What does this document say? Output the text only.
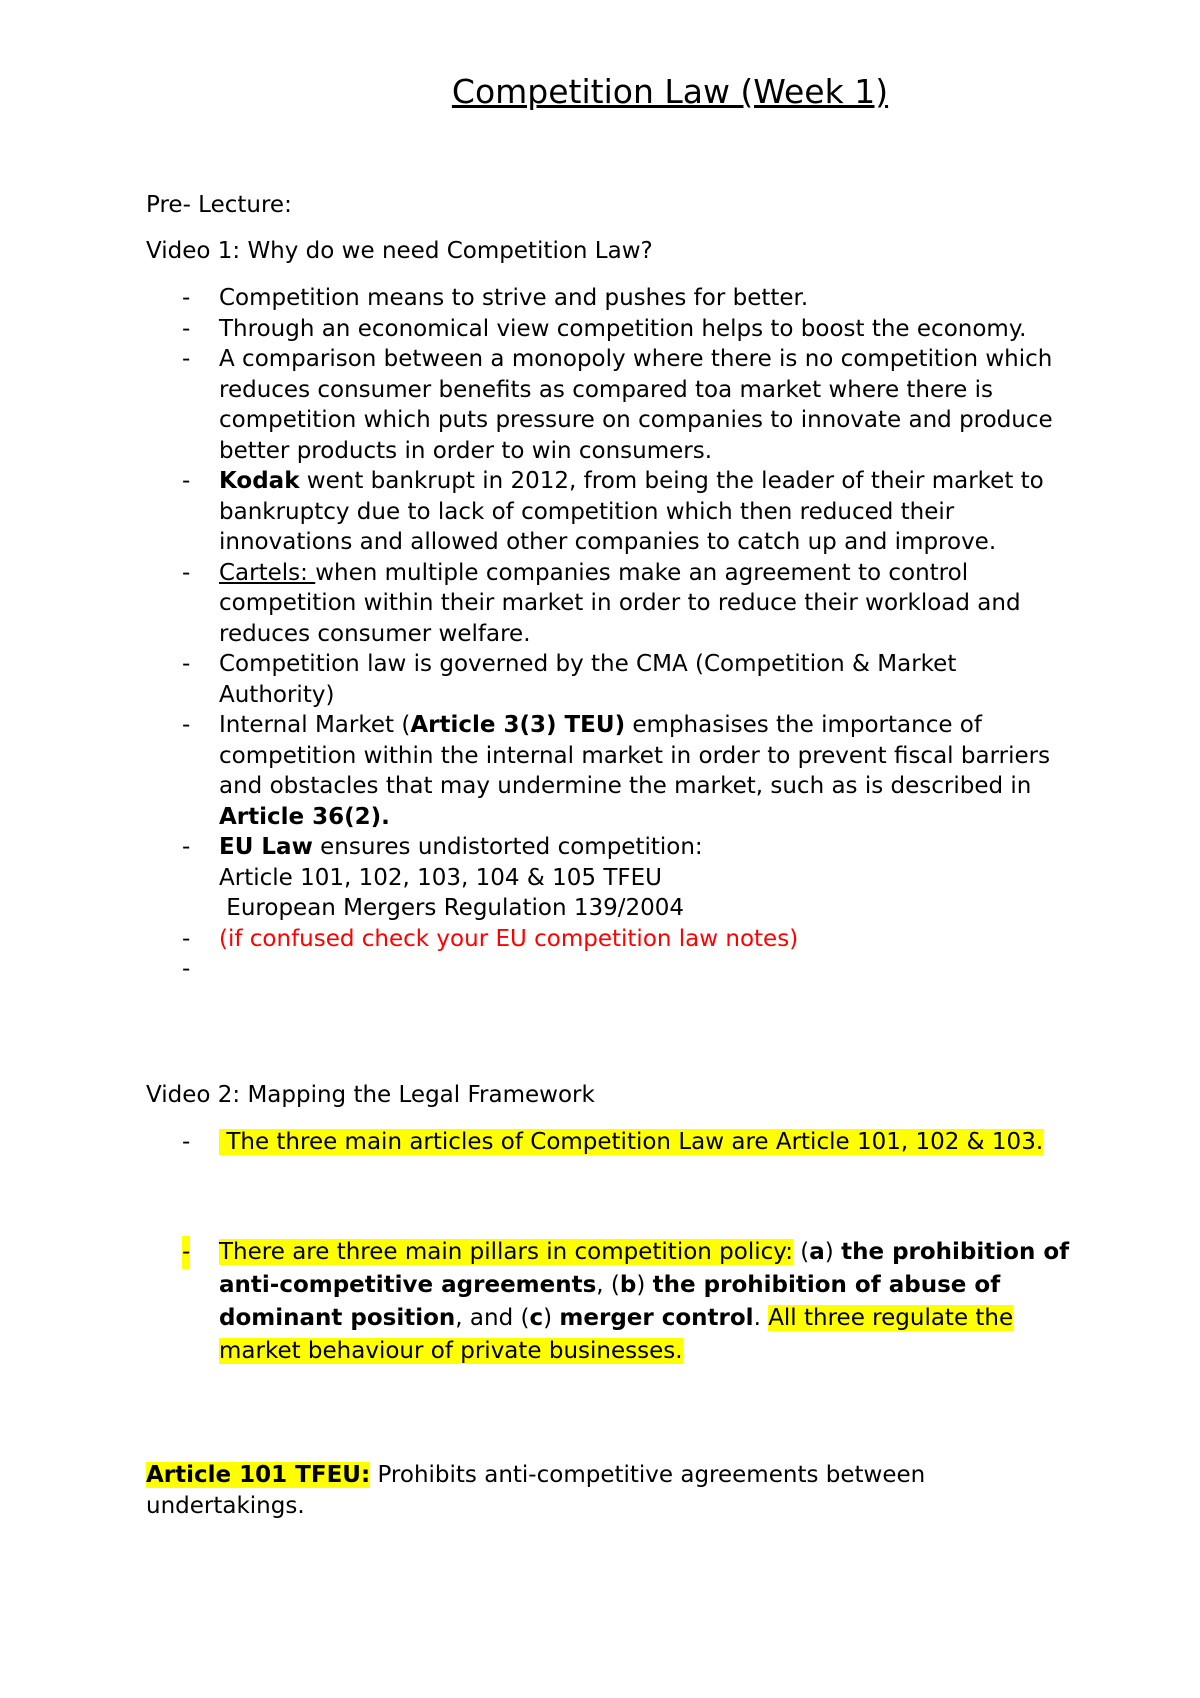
Competition Law (Week 1)
Pre- Lecture:
Video 1: Why do we need Competition Law?
- Competition means to strive and pushes for better.
- Through an economical view competition helps to boost the economy.
- A comparison between a monopoly where there is no competition which reduces consumer benefits as compared toa market where there is competition which puts pressure on companies to innovate and produce better products in order to win consumers.
- Kodak went bankrupt in 2012, from being the leader of their market to bankruptcy due to lack of competition which then reduced their innovations and allowed other companies to catch up and improve.
- Cartels: when multiple companies make an agreement to control competition within their market in order to reduce their workload and reduces consumer welfare.
- Competition law is governed by the CMA (Competition & Market Authority)
- Internal Market (Article 3(3) TEU) emphasises the importance of competition within the internal market in order to prevent fiscal barriers and obstacles that may undermine the market, such as is described in Article 36(2).
- EU Law ensures undistorted competition:
Article 101, 102, 103, 104 & 105 TFEU
European Mergers Regulation 139/2004
- (if confused check your EU competition law notes)
-

Video 2: Mapping the Legal Framework
- The three main articles of Competition Law are Article 101, 102 & 103.
- There are three main pillars in competition policy: (a) the prohibition of anti-competitive agreements, (b) the prohibition of abuse of dominant position, and (c) merger control. All three regulate the market behaviour of private businesses.
Article 101 TFEU: Prohibits anti-competitive agreements between undertakings.
